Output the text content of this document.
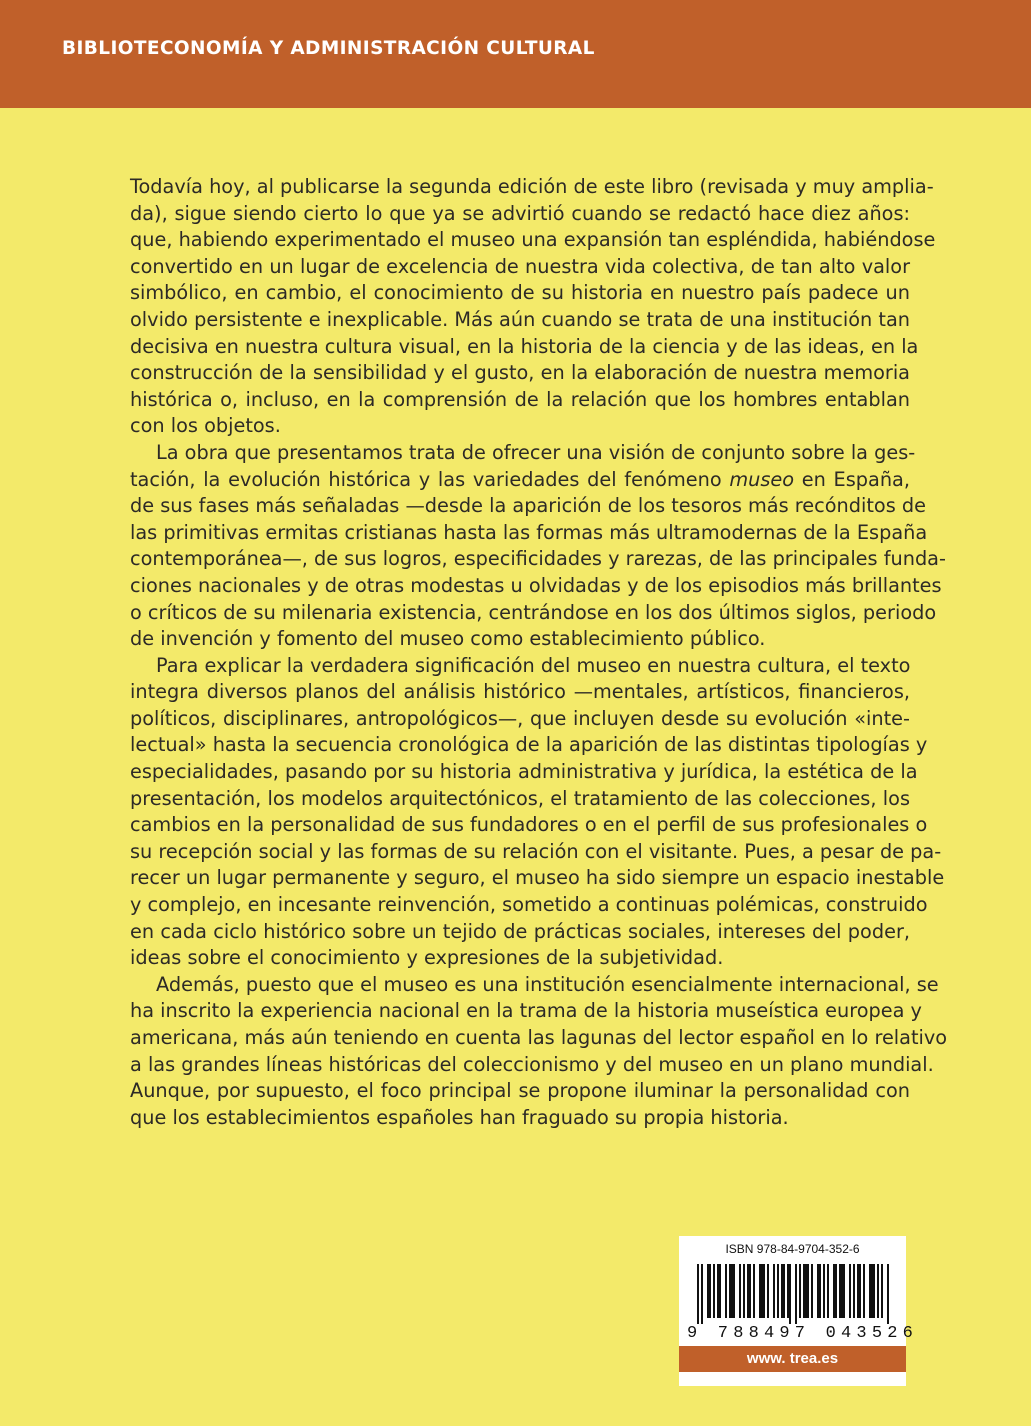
BIBLIOTECONOMÍA Y ADMINISTRACIÓN CULTURAL
Todavía hoy, al publicarse la segunda edición de este libro (revisada y muy amplia-
da), sigue siendo cierto lo que ya se advirtió cuando se redactó hace diez años:
que, habiendo experimentado el museo una expansión tan espléndida, habiéndose
convertido en un lugar de excelencia de nuestra vida colectiva, de tan alto valor
simbólico, en cambio, el conocimiento de su historia en nuestro país padece un
olvido persistente e inexplicable. Más aún cuando se trata de una institución tan
decisiva en nuestra cultura visual, en la historia de la ciencia y de las ideas, en la
construcción de la sensibilidad y el gusto, en la elaboración de nuestra memoria
histórica o, incluso, en la comprensión de la relación que los hombres entablan
con los objetos.
La obra que presentamos trata de ofrecer una visión de conjunto sobre la ges-
tación, la evolución histórica y las variedades del fenómeno museo en España,
de sus fases más señaladas —desde la aparición de los tesoros más recónditos de
las primitivas ermitas cristianas hasta las formas más ultramodernas de la España
contemporánea—, de sus logros, especificidades y rarezas, de las principales funda-
ciones nacionales y de otras modestas u olvidadas y de los episodios más brillantes
o críticos de su milenaria existencia, centrándose en los dos últimos siglos, periodo
de invención y fomento del museo como establecimiento público.
Para explicar la verdadera significación del museo en nuestra cultura, el texto
integra diversos planos del análisis histórico —mentales, artísticos, financieros,
políticos, disciplinares, antropológicos—, que incluyen desde su evolución «inte-
lectual» hasta la secuencia cronológica de la aparición de las distintas tipologías y
especialidades, pasando por su historia administrativa y jurídica, la estética de la
presentación, los modelos arquitectónicos, el tratamiento de las colecciones, los
cambios en la personalidad de sus fundadores o en el perfil de sus profesionales o
su recepción social y las formas de su relación con el visitante. Pues, a pesar de pa-
recer un lugar permanente y seguro, el museo ha sido siempre un espacio inestable
y complejo, en incesante reinvención, sometido a continuas polémicas, construido
en cada ciclo histórico sobre un tejido de prácticas sociales, intereses del poder,
ideas sobre el conocimiento y expresiones de la subjetividad.
Además, puesto que el museo es una institución esencialmente internacional, se
ha inscrito la experiencia nacional en la trama de la historia museística europea y
americana, más aún teniendo en cuenta las lagunas del lector español en lo relativo
a las grandes líneas históricas del coleccionismo y del museo en un plano mundial.
Aunque, por supuesto, el foco principal se propone iluminar la personalidad con
que los establecimientos españoles han fraguado su propia historia.
ISBN 978-84-9704-352-6
9 788497 043526
www. trea.es
